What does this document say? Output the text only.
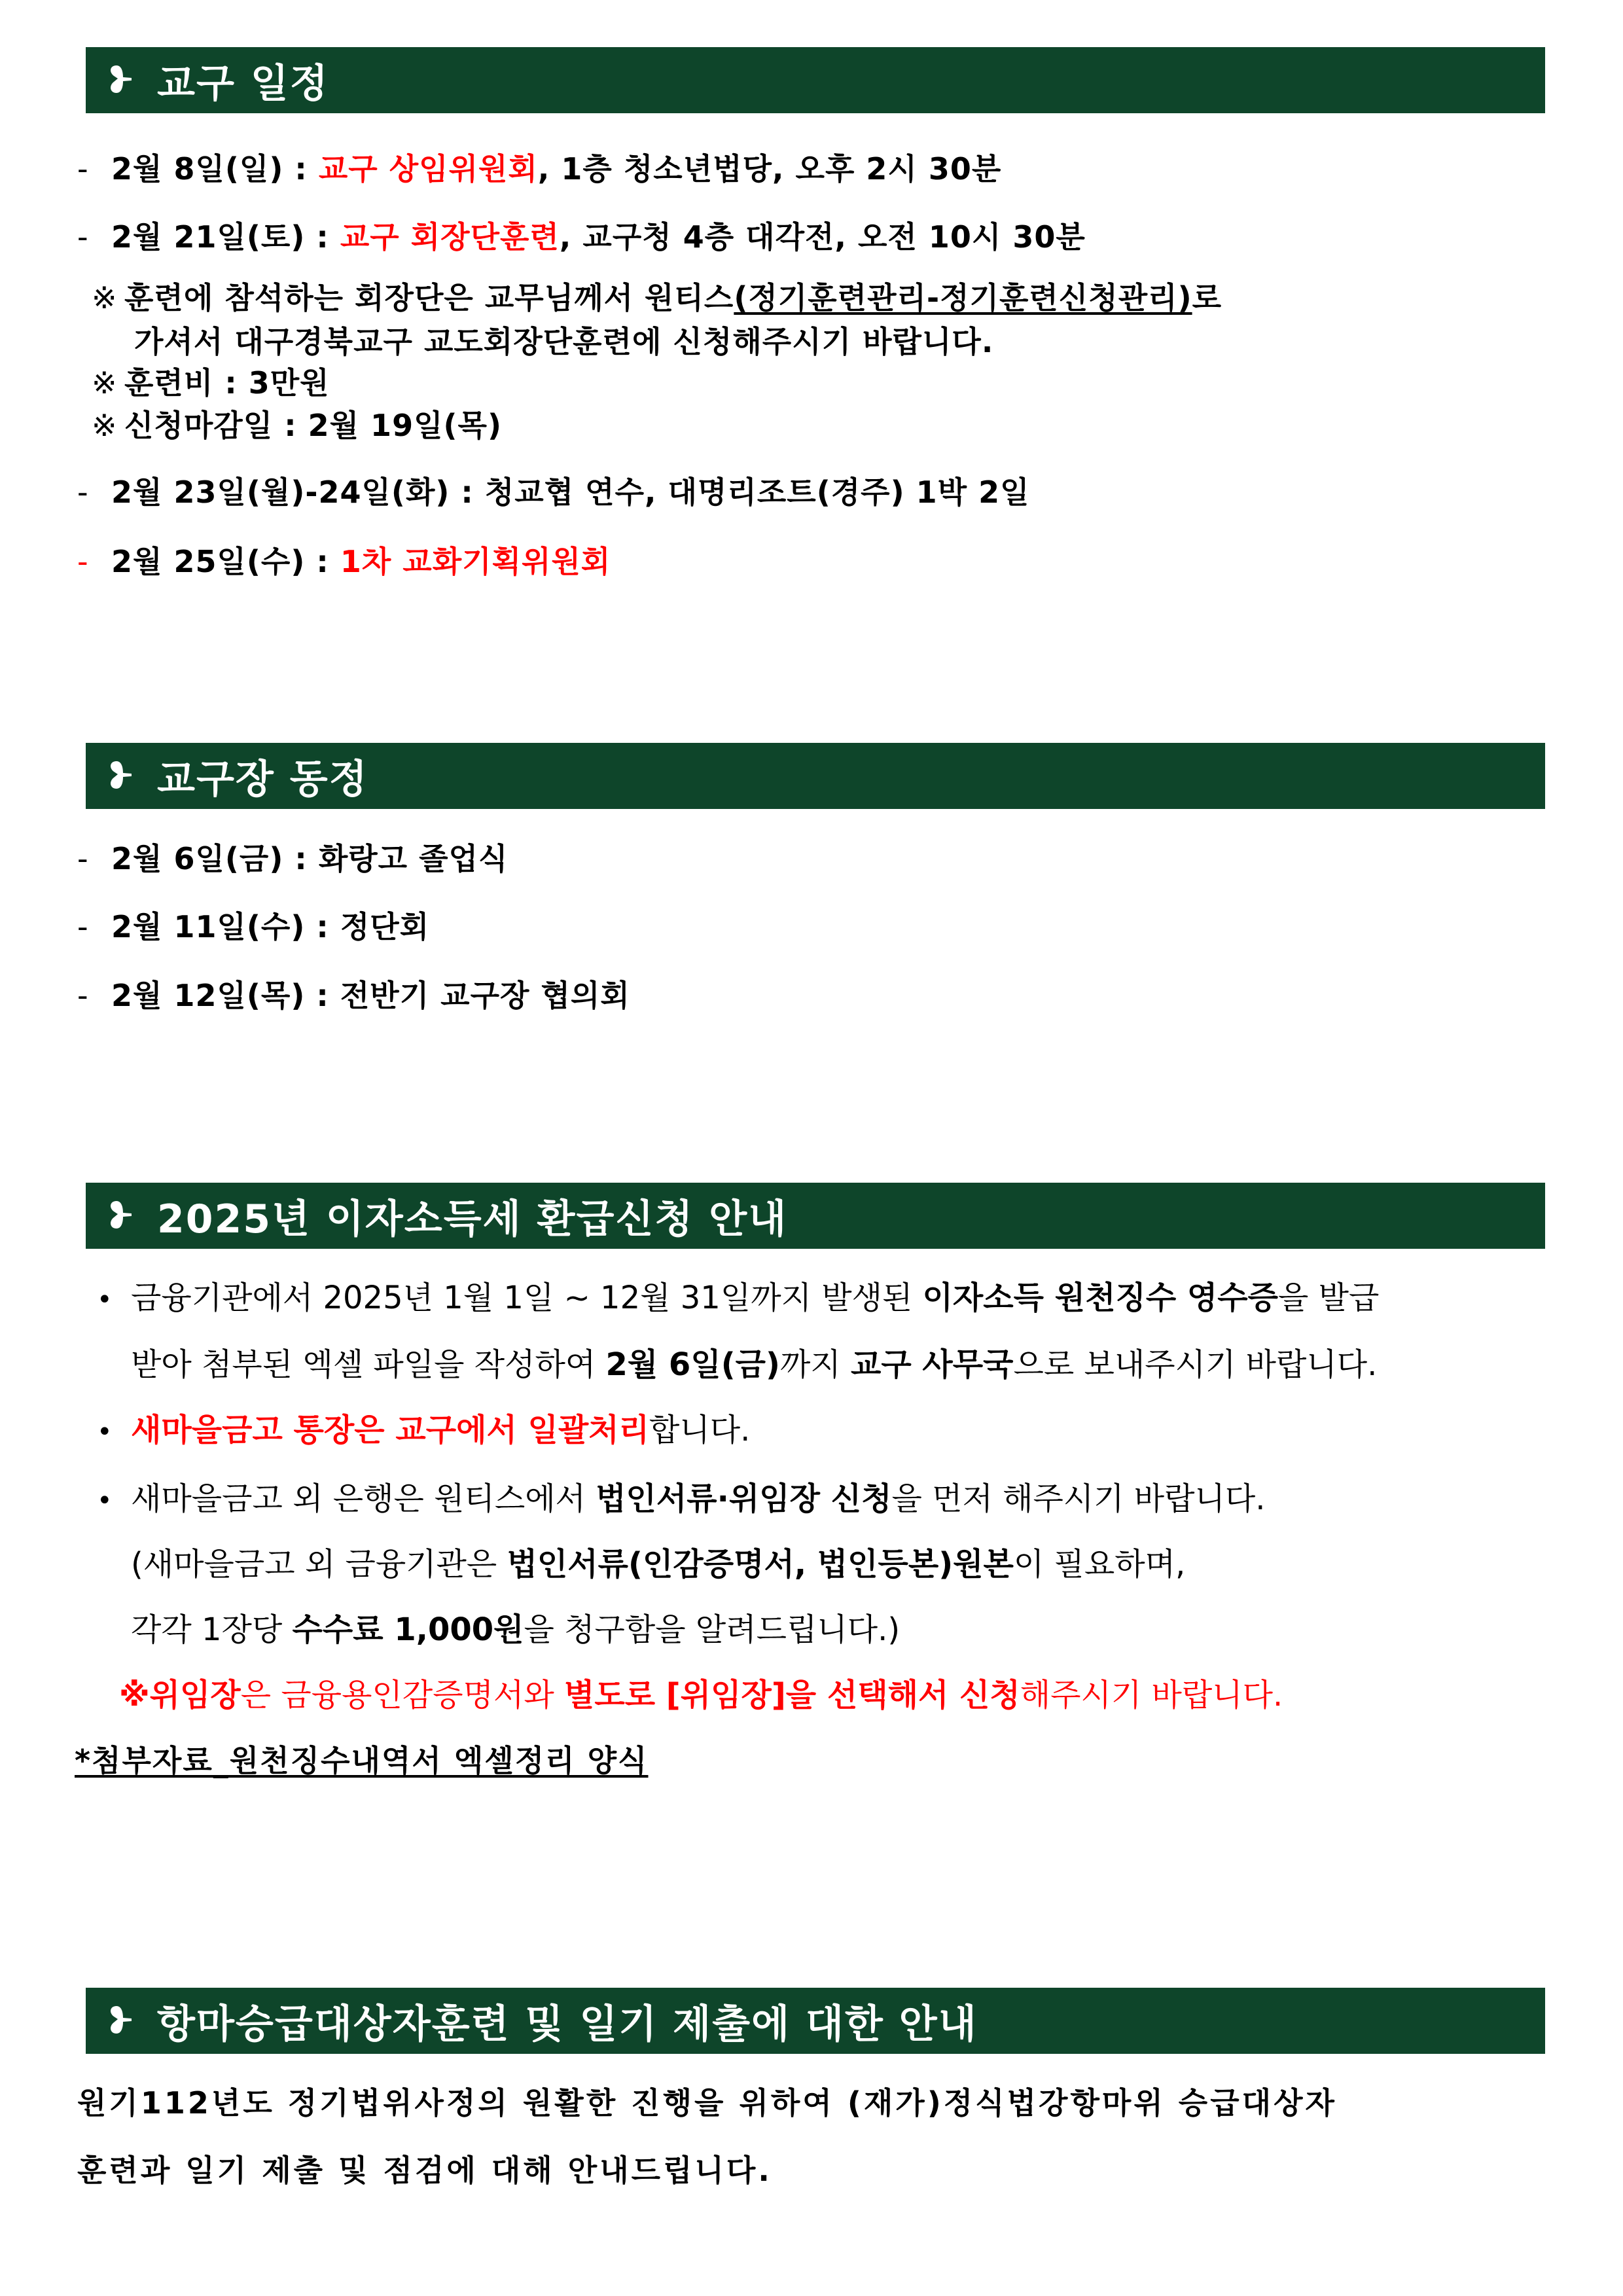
교구 일정
- 2월 8일(일) : 교구 상임위원회, 1층 청소년법당, 오후 2시 30분
- 2월 21일(토) : 교구 회장단훈련, 교구청 4층 대각전, 오전 10시 30분
※ 훈련에 참석하는 회장단은 교무님께서 원티스(정기훈련관리-정기훈련신청관리)로
가셔서 대구경북교구 교도회장단훈련에 신청해주시기 바랍니다.
※ 훈련비 : 3만원
※ 신청마감일 : 2월 19일(목)
- 2월 23일(월)-24일(화) : 청교협 연수, 대명리조트(경주) 1박 2일
- 2월 25일(수) : 1차 교화기획위원회
교구장 동정
- 2월 6일(금) : 화랑고 졸업식
- 2월 11일(수) : 정단회
- 2월 12일(목) : 전반기 교구장 협의회
2025년 이자소득세 환급신청 안내
• 금융기관에서 2025년 1월 1일 ~ 12월 31일까지 발생된 이자소득 원천징수 영수증을 발급
받아 첨부된 엑셀 파일을 작성하여 2월 6일(금)까지 교구 사무국으로 보내주시기 바랍니다.
• 새마을금고 통장은 교구에서 일괄처리합니다.
• 새마을금고 외 은행은 원티스에서 법인서류·위임장 신청을 먼저 해주시기 바랍니다.
(새마을금고 외 금융기관은 법인서류(인감증명서, 법인등본)원본이 필요하며,
각각 1장당 수수료 1,000원을 청구함을 알려드립니다.)
※위임장은 금융용인감증명서와 별도로 [위임장]을 선택해서 신청해주시기 바랍니다.
*첨부자료_원천징수내역서 엑셀정리 양식
항마승급대상자훈련 및 일기 제출에 대한 안내
원기112년도 정기법위사정의 원활한 진행을 위하여 (재가)정식법강항마위 승급대상자
훈련과 일기 제출 및 점검에 대해 안내드립니다.
